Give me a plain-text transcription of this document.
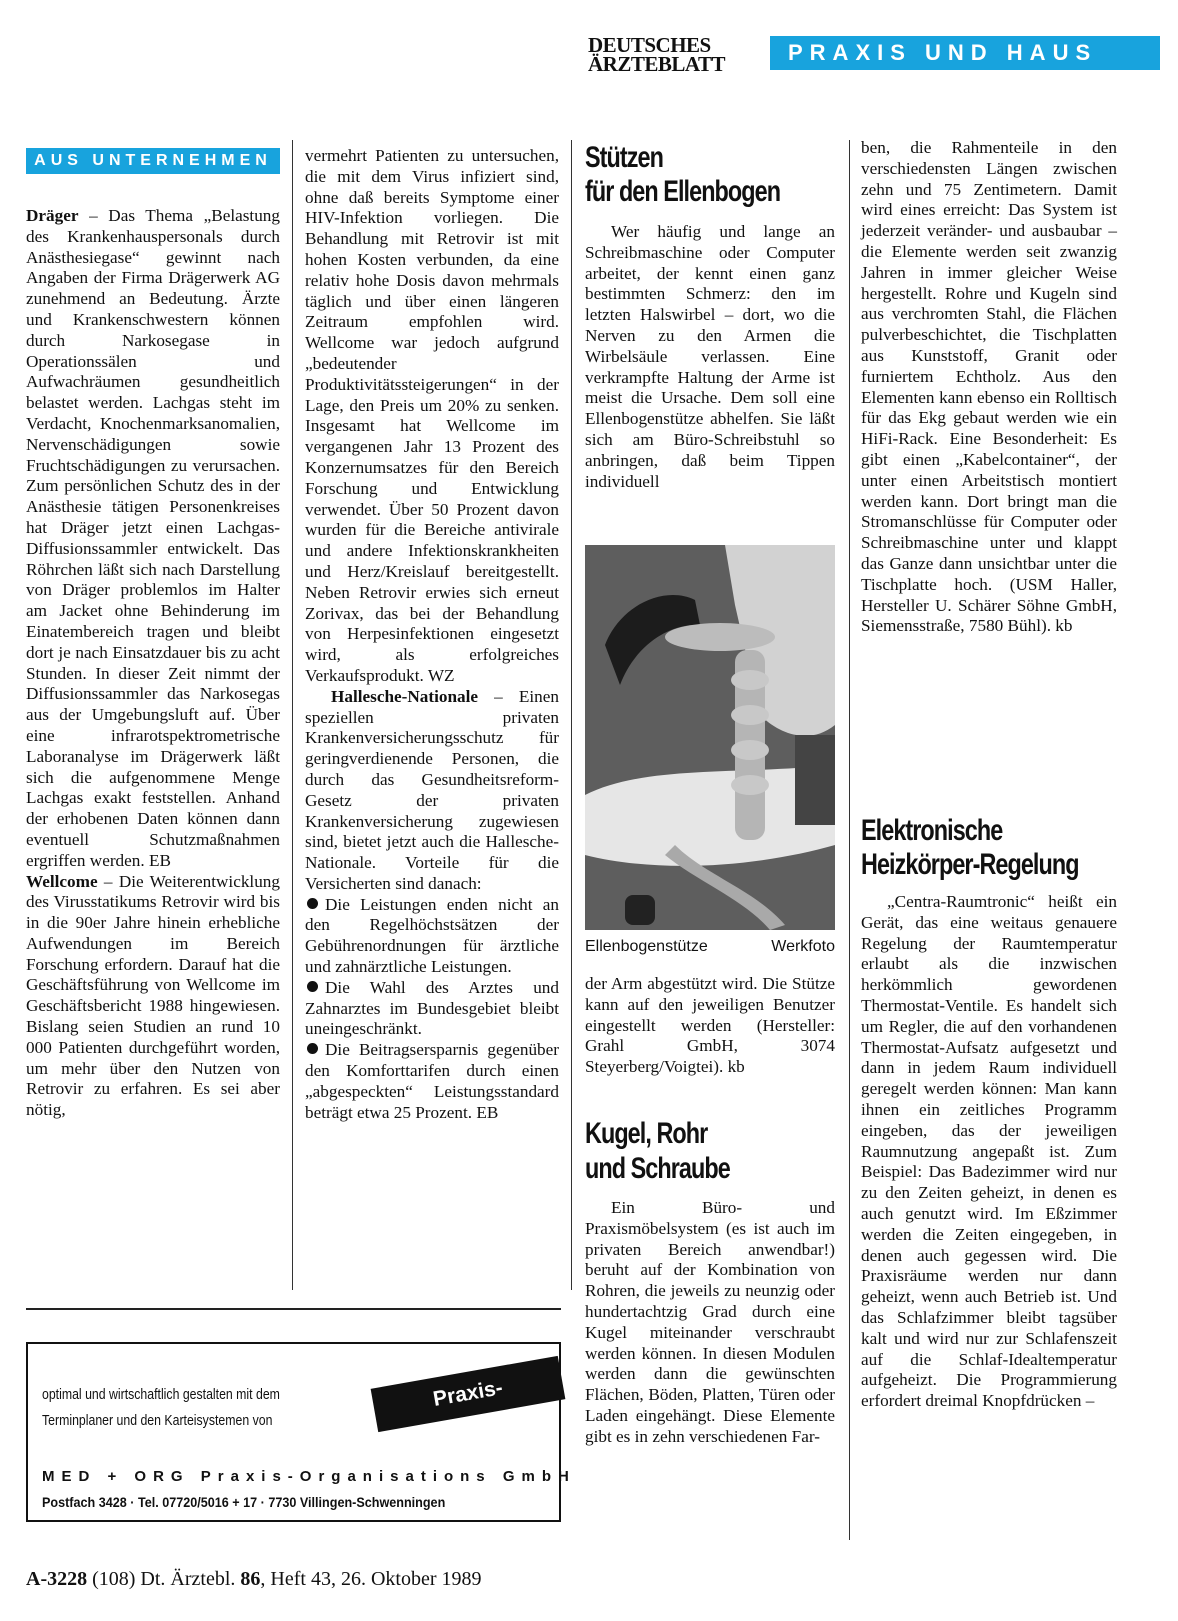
DEUTSCHES
ÄRZTEBLATT	PRAXIS UND HAUS
AUS UNTERNEHMEN

Dräger – Das Thema „Belastung des Krankenhauspersonals durch Anästhesiegase“ gewinnt nach Angaben der Firma Drägerwerk AG zunehmend an Bedeutung. Ärzte und Krankenschwestern können durch Narkosegase in Operationssälen und Aufwachräumen gesundheitlich belastet werden. Lachgas steht im Verdacht, Knochenmarksanomalien, Nervenschädigungen sowie Fruchtschädigungen zu verursachen. Zum persönlichen Schutz des in der Anästhesie tätigen Personenkreises hat Dräger jetzt einen Lachgas-Diffusionssammler entwickelt. Das Röhrchen läßt sich nach Darstellung von Dräger problemlos im Halter am Jacket ohne Behinderung im Einatembereich tragen und bleibt dort je nach Einsatzdauer bis zu acht Stunden. In dieser Zeit nimmt der Diffusionssammler das Narkosegas aus der Umgebungsluft auf. Über eine infrarotspektrometrische Laboranalyse im Drägerwerk läßt sich die aufgenommene Menge Lachgas exakt feststellen. Anhand der erhobenen Daten können dann eventuell Schutzmaßnahmen ergriffen werden. EB

Wellcome – Die Weiterentwicklung des Virusstatikums Retrovir wird bis in die 90er Jahre hinein erhebliche Aufwendungen im Bereich Forschung erfordern. Darauf hat die Geschäftsführung von Wellcome im Geschäftsbericht 1988 hingewiesen. Bislang seien Studien an rund 10 000 Patienten durchgeführt worden, um mehr über den Nutzen von Retrovir zu erfahren. Es sei aber nötig,

vermehrt Patienten zu untersuchen, die mit dem Virus infiziert sind, ohne daß bereits Symptome einer HIV-Infektion vorliegen. Die Behandlung mit Retrovir ist mit hohen Kosten verbunden, da eine relativ hohe Dosis davon mehrmals täglich und über einen längeren Zeitraum empfohlen wird. Wellcome war jedoch aufgrund „bedeutender Produktivitätssteigerungen“ in der Lage, den Preis um 20% zu senken. Insgesamt hat Wellcome im vergangenen Jahr 13 Prozent des Konzernumsatzes für den Bereich Forschung und Entwicklung verwendet. Über 50 Prozent davon wurden für die Bereiche antivirale und andere Infektionskrankheiten und Herz/Kreislauf bereitgestellt. Neben Retrovir erwies sich erneut Zorivax, das bei der Behandlung von Herpesinfektionen eingesetzt wird, als erfolgreiches Verkaufsprodukt. WZ

Hallesche-Nationale – Einen speziellen privaten Krankenversicherungsschutz für geringverdienende Personen, die durch das Gesundheitsreform-Gesetz der privaten Krankenversicherung zugewiesen sind, bietet jetzt auch die Hallesche-Nationale. Vorteile für die Versicherten sind danach:

Die Leistungen enden nicht an den Regelhöchstsätzen der Gebührenordnungen für ärztliche und zahnärztliche Leistungen.

Die Wahl des Arztes und Zahnarztes im Bundesgebiet bleibt uneingeschränkt.

Die Beitragsersparnis gegenüber den Komforttarifen durch einen „abgespeckten“ Leistungsstandard beträgt etwa 25 Prozent. EB

Stützen
für den Ellenbogen

Wer häufig und lange an Schreibmaschine oder Computer arbeitet, der kennt einen ganz bestimmten Schmerz: den im letzten Halswirbel – dort, wo die Nerven zu den Armen die Wirbelsäule verlassen. Eine verkrampfte Haltung der Arme ist meist die Ursache. Dem soll eine Ellenbogenstütze abhelfen. Sie läßt sich am Büro-Schreibstuhl so anbringen, daß beim Tippen individuell

Ellenbogenstütze	Werkfoto

der Arm abgestützt wird. Die Stütze kann auf den jeweiligen Benutzer eingestellt werden (Hersteller: Grahl GmbH, 3074 Steyerberg/Voigtei). kb

Kugel, Rohr
und Schraube

Ein Büro- und Praxismöbelsystem (es ist auch im privaten Bereich anwendbar!) beruht auf der Kombination von Rohren, die jeweils zu neunzig oder hundertachtzig Grad durch eine Kugel miteinander verschraubt werden können. In diesen Modulen werden dann die gewünschten Flächen, Böden, Platten, Türen oder Laden eingehängt. Diese Elemente gibt es in zehn verschiedenen Far-

ben, die Rahmenteile in den verschiedensten Längen zwischen zehn und 75 Zentimetern. Damit wird eines erreicht: Das System ist jederzeit veränder- und ausbaubar – die Elemente werden seit zwanzig Jahren in immer gleicher Weise hergestellt. Rohre und Kugeln sind aus verchromten Stahl, die Flächen pulverbeschichtet, die Tischplatten aus Kunststoff, Granit oder furniertem Echtholz. Aus den Elementen kann ebenso ein Rolltisch für das Ekg gebaut werden wie ein HiFi-Rack. Eine Besonderheit: Es gibt einen „Kabelcontainer“, der unter einen Arbeitstisch montiert werden kann. Dort bringt man die Stromanschlüsse für Computer oder Schreibmaschine unter und klappt das Ganze dann unsichtbar unter die Tischplatte hoch. (USM Haller, Hersteller U. Schärer Söhne GmbH, Siemensstraße, 7580 Bühl). kb

Elektronische
Heizkörper-Regelung

„Centra-Raumtronic“ heißt ein Gerät, das eine weitaus genauere Regelung der Raumtemperatur erlaubt als die inzwischen herkömmlich gewordenen Thermostat-Ventile. Es handelt sich um Regler, die auf den vorhandenen Thermostat-Aufsatz aufgesetzt und dann in jedem Raum individuell geregelt werden können: Man kann ihnen ein zeitliches Programm eingeben, das der jeweiligen Raumnutzung angepaßt ist. Zum Beispiel: Das Badezimmer wird nur zu den Zeiten geheizt, in denen es auch genutzt wird. Im Eßzimmer werden die Zeiten eingegeben, in denen auch gegessen wird. Die Praxisräume werden nur dann geheizt, wenn auch Betrieb ist. Und das Schlafzimmer bleibt tagsüber kalt und wird nur zur Schlafenszeit auf die Schlaf-Idealtemperatur aufgeheizt. Die Programmierung erfordert dreimal Knopfdrücken –

optimal und wirtschaftlich gestalten mit dem
Terminplaner und den Karteisystemen von
Praxis-Organisation
MED + ORG Praxis-Organisations GmbH
Postfach 3428 · Tel. 07720/5016 + 17 · 7730 Villingen-Schwenningen
A-3228 (108) Dt. Ärztebl. 86, Heft 43, 26. Oktober 1989
